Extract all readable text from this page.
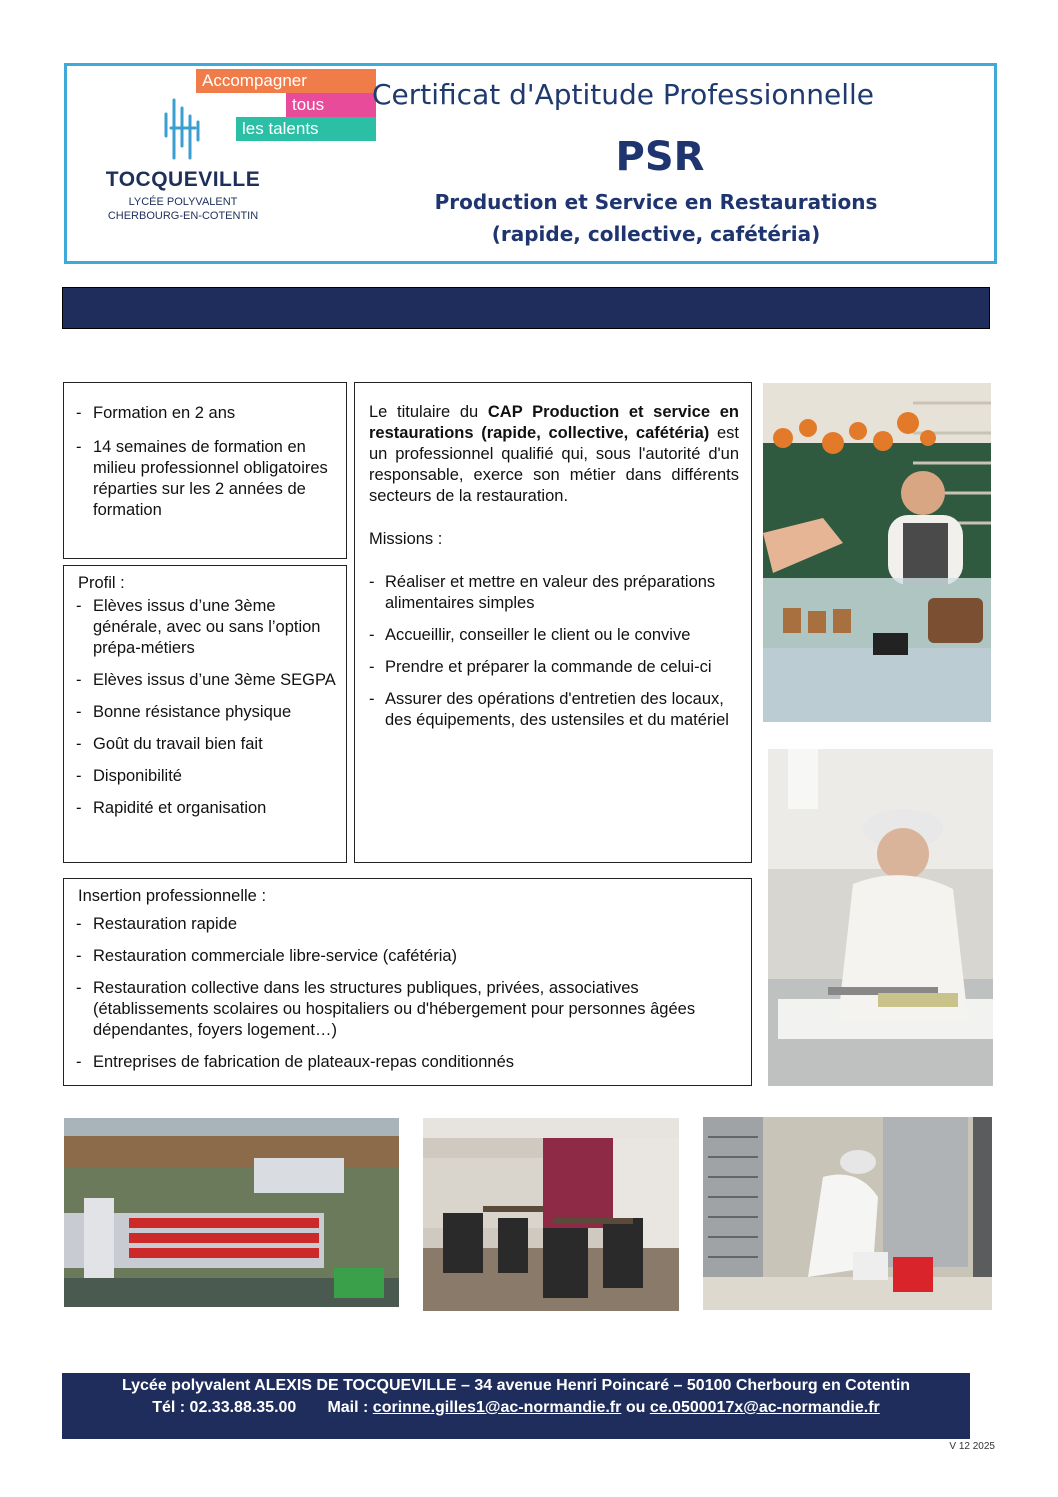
Accompagner
tous
les talents
TOCQUEVILLE
LYCÉE POLYVALENT
CHERBOURG-EN-COTENTIN
Certificat d'Aptitude Professionnelle
PSR
Production et Service en Restaurations
(rapide, collective, cafétéria)
- Formation en 2 ans
- 14 semaines de formation en milieu professionnel obligatoires réparties sur les 2 années de formation
Profil :
- Elèves issus d’une 3ème générale, avec ou sans l’option prépa-métiers
- Elèves issus d’une 3ème SEGPA
- Bonne résistance physique
- Goût du travail bien fait
- Disponibilité
- Rapidité et organisation

Le titulaire du CAP Production et service en restaurations (rapide, collective, cafétéria) est un professionnel qualifié qui, sous l'autorité d'un responsable, exerce son métier dans différents secteurs de la restauration.

Missions :
- Réaliser et mettre en valeur des préparations alimentaires simples
- Accueillir, conseiller le client ou le convive
- Prendre et préparer la commande de celui-ci
- Assurer des opérations d'entretien des locaux, des équipements, des ustensiles et du matériel
Insertion professionnelle :
- Restauration rapide
- Restauration commerciale libre-service (cafétéria)
- Restauration collective dans les structures publiques, privées, associatives (établissements scolaires ou hospitaliers ou d'hébergement pour personnes âgées dépendantes, foyers logement…)
- Entreprises de fabrication de plateaux-repas conditionnés
Lycée polyvalent ALEXIS DE TOCQUEVILLE – 34 avenue Henri Poincaré – 50100 Cherbourg en Cotentin
Tél : 02.33.88.35.00 Mail : corinne.gilles1@ac-normandie.fr ou ce.0500017x@ac-normandie.fr
V 12 2025
